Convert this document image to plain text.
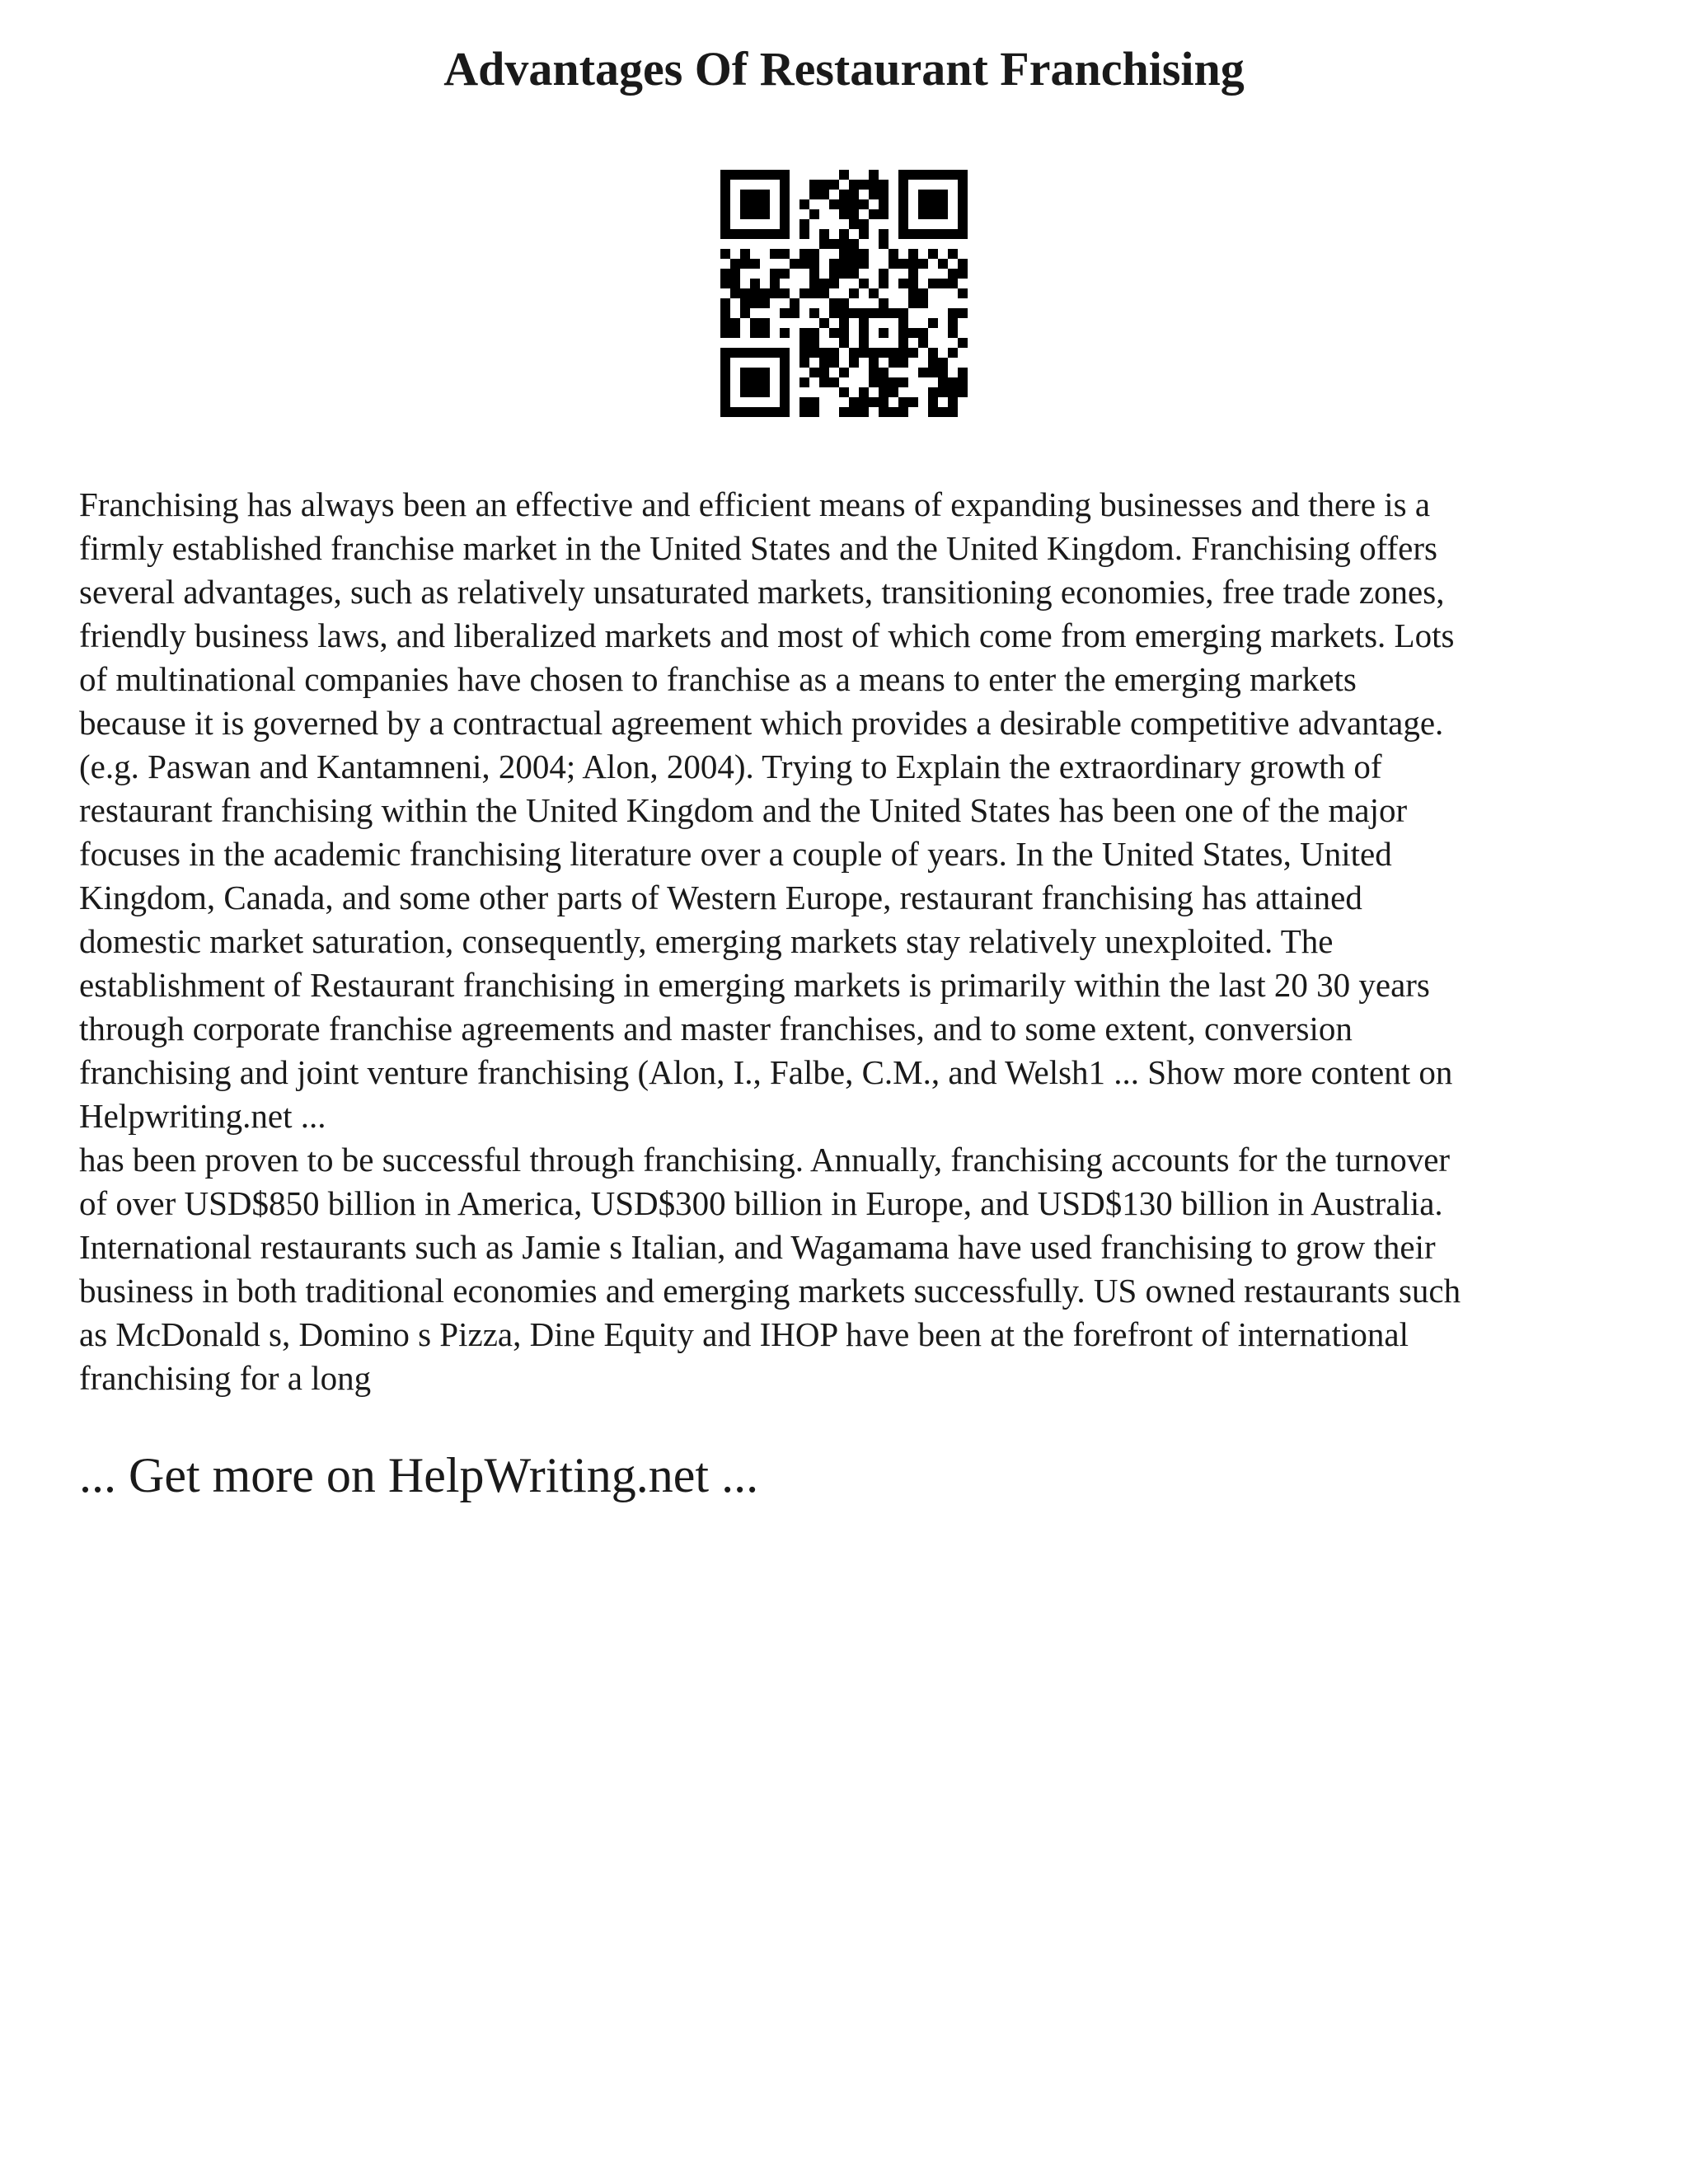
Advantages Of Restaurant Franchising

Franchising has always been an effective and efficient means of expanding businesses and there is a
firmly established franchise market in the United States and the United Kingdom. Franchising offers
several advantages, such as relatively unsaturated markets, transitioning economies, free trade zones,
friendly business laws, and liberalized markets and most of which come from emerging markets. Lots
of multinational companies have chosen to franchise as a means to enter the emerging markets
because it is governed by a contractual agreement which provides a desirable competitive advantage.
(e.g. Paswan and Kantamneni, 2004; Alon, 2004). Trying to Explain the extraordinary growth of
restaurant franchising within the United Kingdom and the United States has been one of the major
focuses in the academic franchising literature over a couple of years. In the United States, United
Kingdom, Canada, and some other parts of Western Europe, restaurant franchising has attained
domestic market saturation, consequently, emerging markets stay relatively unexploited. The
establishment of Restaurant franchising in emerging markets is primarily within the last 20 30 years
through corporate franchise agreements and master franchises, and to some extent, conversion
franchising and joint venture franchising (Alon, I., Falbe, C.M., and Welsh1 ... Show more content on
Helpwriting.net ...
has been proven to be successful through franchising. Annually, franchising accounts for the turnover
of over USD$850 billion in America, USD$300 billion in Europe, and USD$130 billion in Australia.
International restaurants such as Jamie s Italian, and Wagamama have used franchising to grow their
business in both traditional economies and emerging markets successfully. US owned restaurants such
as McDonald s, Domino s Pizza, Dine Equity and IHOP have been at the forefront of international
franchising for a long

... Get more on HelpWriting.net ...
